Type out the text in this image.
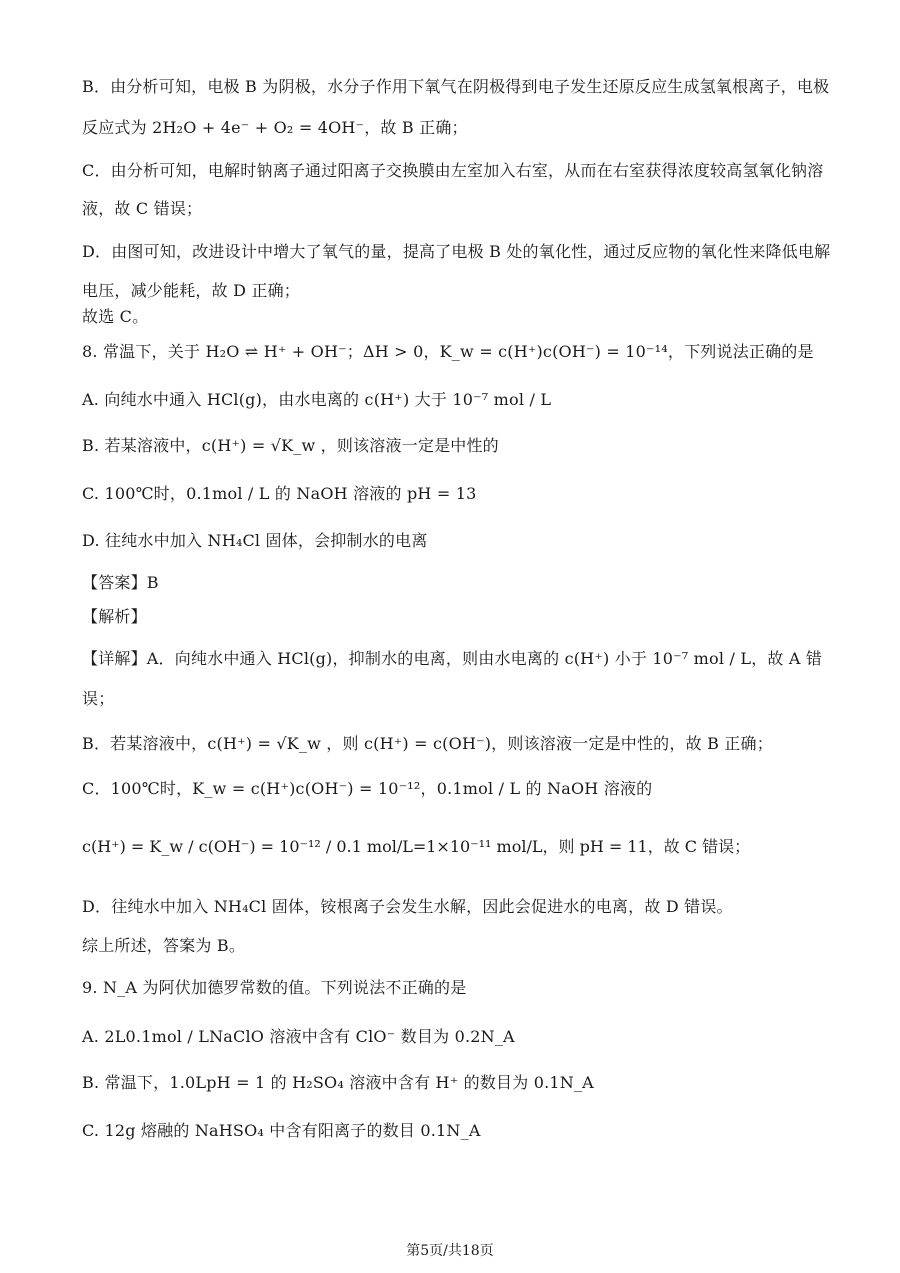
B．由分析可知，电极 B 为阴极，水分子作用下氧气在阴极得到电子发生还原反应生成氢氧根离子，电极
反应式为 2H₂O + 4e⁻ + O₂ = 4OH⁻，故 B 正确；
C．由分析可知，电解时钠离子通过阳离子交换膜由左室加入右室，从而在右室获得浓度较高氢氧化钠溶
液，故 C 错误；
D．由图可知，改进设计中增大了氧气的量，提高了电极 B 处的氧化性，通过反应物的氧化性来降低电解
电压，减少能耗，故 D 正确；
故选 C。
8. 常温下，关于 H₂O ⇌ H⁺ + OH⁻；ΔH > 0，K_w = c(H⁺)c(OH⁻) = 10⁻¹⁴，下列说法正确的是
A. 向纯水中通入 HCl(g)，由水电离的 c(H⁺) 大于 10⁻⁷ mol / L
B. 若某溶液中，c(H⁺) = √K_w ，则该溶液一定是中性的
C. 100℃时，0.1mol / L 的 NaOH 溶液的 pH = 13
D. 往纯水中加入 NH₄Cl 固体，会抑制水的电离
【答案】B
【解析】
【详解】A．向纯水中通入 HCl(g)，抑制水的电离，则由水电离的 c(H⁺) 小于 10⁻⁷ mol / L，故 A 错
误；
B．若某溶液中，c(H⁺) = √K_w ，则 c(H⁺) = c(OH⁻)，则该溶液一定是中性的，故 B 正确；
C．100℃时，K_w = c(H⁺)c(OH⁻) = 10⁻¹²，0.1mol / L 的 NaOH 溶液的
c(H⁺) = K_w / c(OH⁻) = 10⁻¹² / 0.1 mol/L=1×10⁻¹¹ mol/L，则 pH = 11，故 C 错误；
D．往纯水中加入 NH₄Cl 固体，铵根离子会发生水解，因此会促进水的电离，故 D 错误。
综上所述，答案为 B。
9. N_A 为阿伏加德罗常数的值。下列说法不正确的是
A. 2L0.1mol / LNaClO 溶液中含有 ClO⁻ 数目为 0.2N_A
B. 常温下，1.0LpH = 1 的 H₂SO₄ 溶液中含有 H⁺ 的数目为 0.1N_A
C. 12g 熔融的 NaHSO₄ 中含有阳离子的数目 0.1N_A
第5页/共18页
